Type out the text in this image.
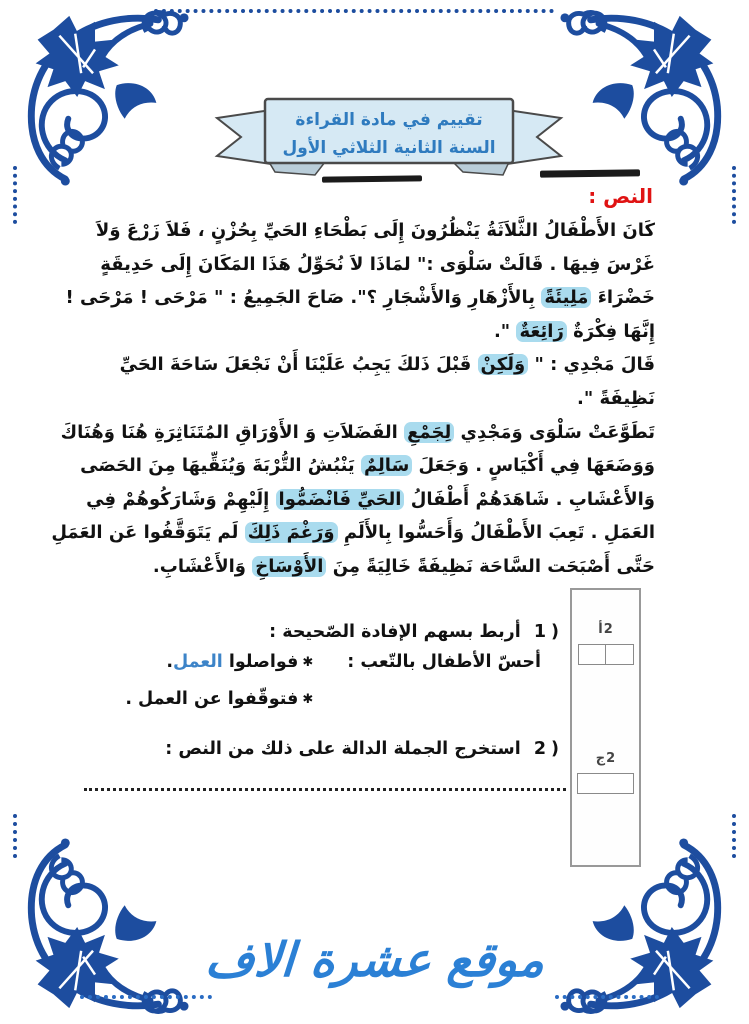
تقييم في مادة القراءة
السنة الثانية الثلاثي الأول
النص :
كَانَ الأَطْفَالُ الثَّلاَثَةُ يَنْظُرُونَ إِلَى بَطْحَاءِ الحَيِّ بِحُزْنٍ ، فَلاَ زَرْعَ وَلاَ
غَرْسَ فِيهَا . قَالَتْ سَلْوَى :" لمَاذَا لاَ نُحَوِّلُ هَذَا المَكَانَ إِلَى حَدِيقَةٍ
خَضْرَاءَ مَلِيئَةً بِالأَزْهَارِ وَالأَشْجَارِ ؟". صَاحَ الجَمِيعُ : " مَرْحَى ! مَرْحَى !
إِنَّهَا فِكْرَةٌ رَائِعَةٌ ".
قَالَ مَجْدِي : " وَلَكِنْ قَبْلَ ذَلكَ يَجِبُ عَلَيْنَا أَنْ نَجْعَلَ سَاحَةَ الحَيِّ
نَظِيفَةً ".
تَطَوَّعَتْ سَلْوَى وَمَجْدِي لِجَمْعِ الفَضَلاَتِ وَ الأَوْرَاقِ المُتَنَاثِرَةِ هُنَا وَهُنَاكَ
وَوَضَعَهَا فِي أَكْيَاسٍ . وَجَعَلَ سَالِمٌ يَنْبُشُ التُّرْبَةَ وَيُنَقِّيهَا مِنَ الحَصَى
وَالأَعْشَابِ . شَاهَدَهُمْ أَطْفَالُ الحَيِّ فَانْضَمُّوا إِلَيْهِمْ وَشَارَكُوهُمْ فِي
العَمَلِ . تَعِبَ الأَطْفَالُ وَأَحَسُّوا بِالأَلَمِ وَرَغْمَ ذَلِكَ لَم يَتَوَقَّفُوا عَن العَمَلِ
حَتَّى أَصْبَحَت السَّاحَة نَظِيفَةً خَالِيَةً مِنَ الأَوْسَاخِ وَالأَعْشَابِ.
(
1
أربط بسهم الإفادة الصّحيحة :
أحسّ الأطفال بالتّعب :
✱فواصلوا العمل.
✱فتوقّفوا عن العمل .
(
2
استخرج الجملة الدالة على ذلك من النص :
أ 2
ج 2
موقع عشرة الاف
